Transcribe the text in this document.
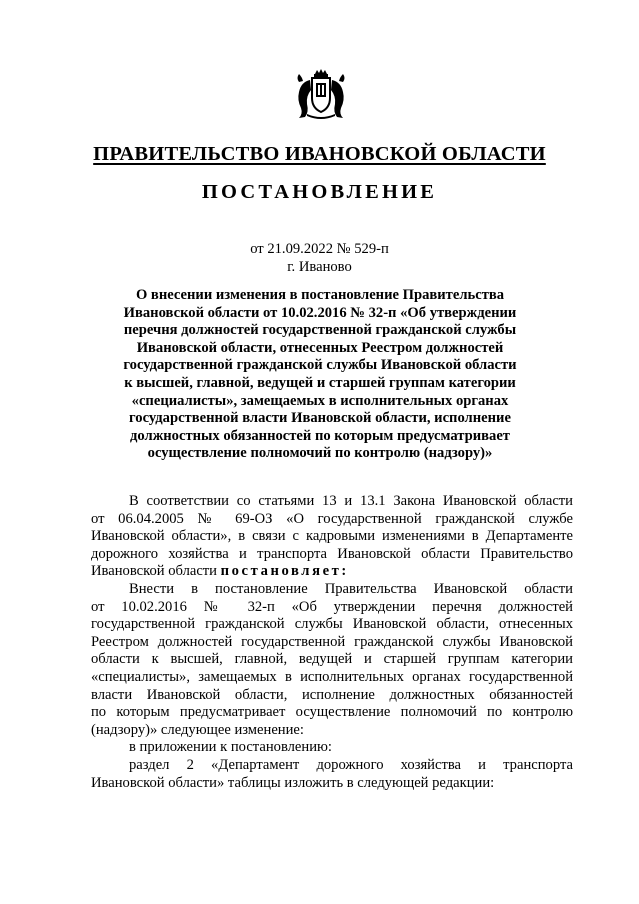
ПРАВИТЕЛЬСТВО ИВАНОВСКОЙ ОБЛАСТИ
ПОСТАНОВЛЕНИЕ
от 21.09.2022 № 529-п
г. Иваново
О внесении изменения в постановление Правительства
Ивановской области от 10.02.2016 № 32-п «Об утверждении
перечня должностей государственной гражданской службы
Ивановской области, отнесенных Реестром должностей
государственной гражданской службы Ивановской области
к высшей, главной, ведущей и старшей группам категории
«специалисты», замещаемых в исполнительных органах
государственной власти Ивановской области, исполнение
должностных обязанностей по которым предусматривает
осуществление полномочий по контролю (надзору)»
В соответствии со статьями 13 и 13.1 Закона Ивановской области
от 06.04.2005 № 69-ОЗ «О государственной гражданской службе
Ивановской области», в связи с кадровыми изменениями в Департаменте
дорожного хозяйства и транспорта Ивановской области Правительство
Ивановской области постановляет:
Внести в постановление Правительства Ивановской области
от 10.02.2016 № 32-п «Об утверждении перечня должностей
государственной гражданской службы Ивановской области, отнесенных
Реестром должностей государственной гражданской службы Ивановской
области к высшей, главной, ведущей и старшей группам категории
«специалисты», замещаемых в исполнительных органах государственной
власти Ивановской области, исполнение должностных обязанностей
по которым предусматривает осуществление полномочий по контролю
(надзору)» следующее изменение:
в приложении к постановлению:
раздел 2 «Департамент дорожного хозяйства и транспорта
Ивановской области» таблицы изложить в следующей редакции:
